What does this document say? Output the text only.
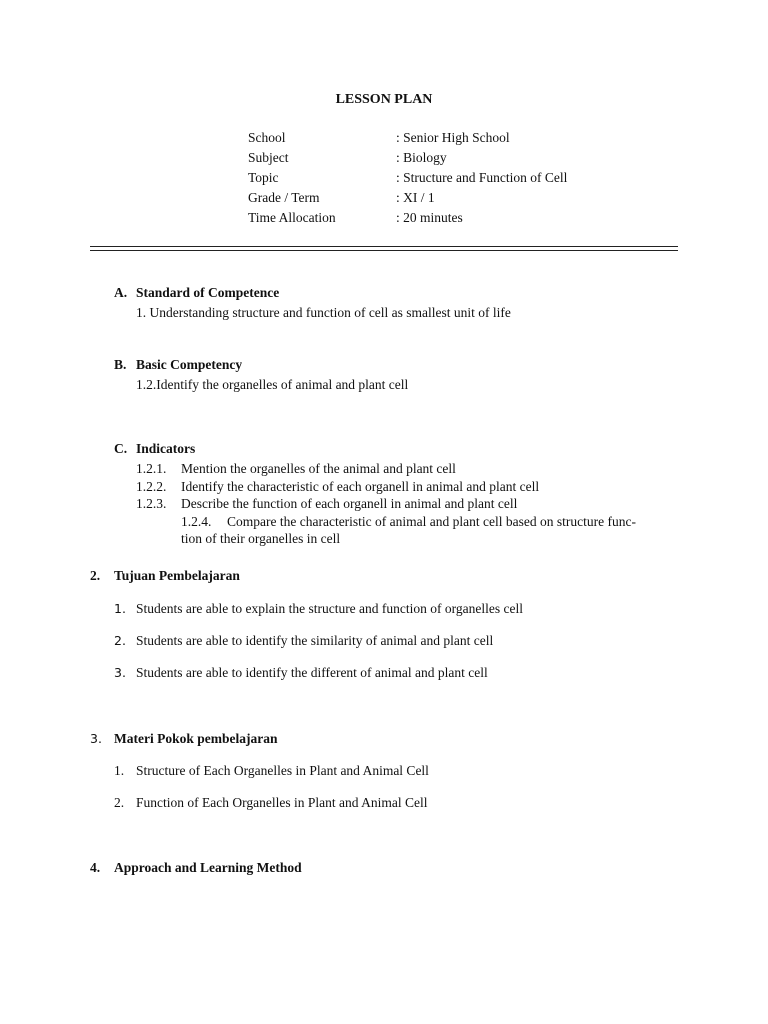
LESSON PLAN
School	: Senior High School
Subject	: Biology
Topic	: Structure and Function of Cell
Grade / Term	: XI / 1
Time Allocation	: 20 minutes
A. Standard of Competence
1. Understanding structure and function of cell as smallest unit of life
B. Basic Competency
1.2.Identify the organelles of animal and plant cell
C. Indicators
1.2.1. Mention the organelles of the animal and plant cell
1.2.2. Identify the characteristic of each organell in animal and plant cell
1.2.3. Describe the function of each organell in animal and plant cell
1.2.4. Compare the characteristic of animal and plant cell based on structure func-
tion of their organelles in cell
2. Tujuan Pembelajaran
1. Students are able to explain the structure and function of organelles cell
2. Students are able to identify the similarity of animal and plant cell
3. Students are able to identify the different of animal and plant cell
3. Materi Pokok pembelajaran
1. Structure of Each Organelles in Plant and Animal Cell
2. Function of Each Organelles in Plant and Animal Cell
4. Approach and Learning Method
